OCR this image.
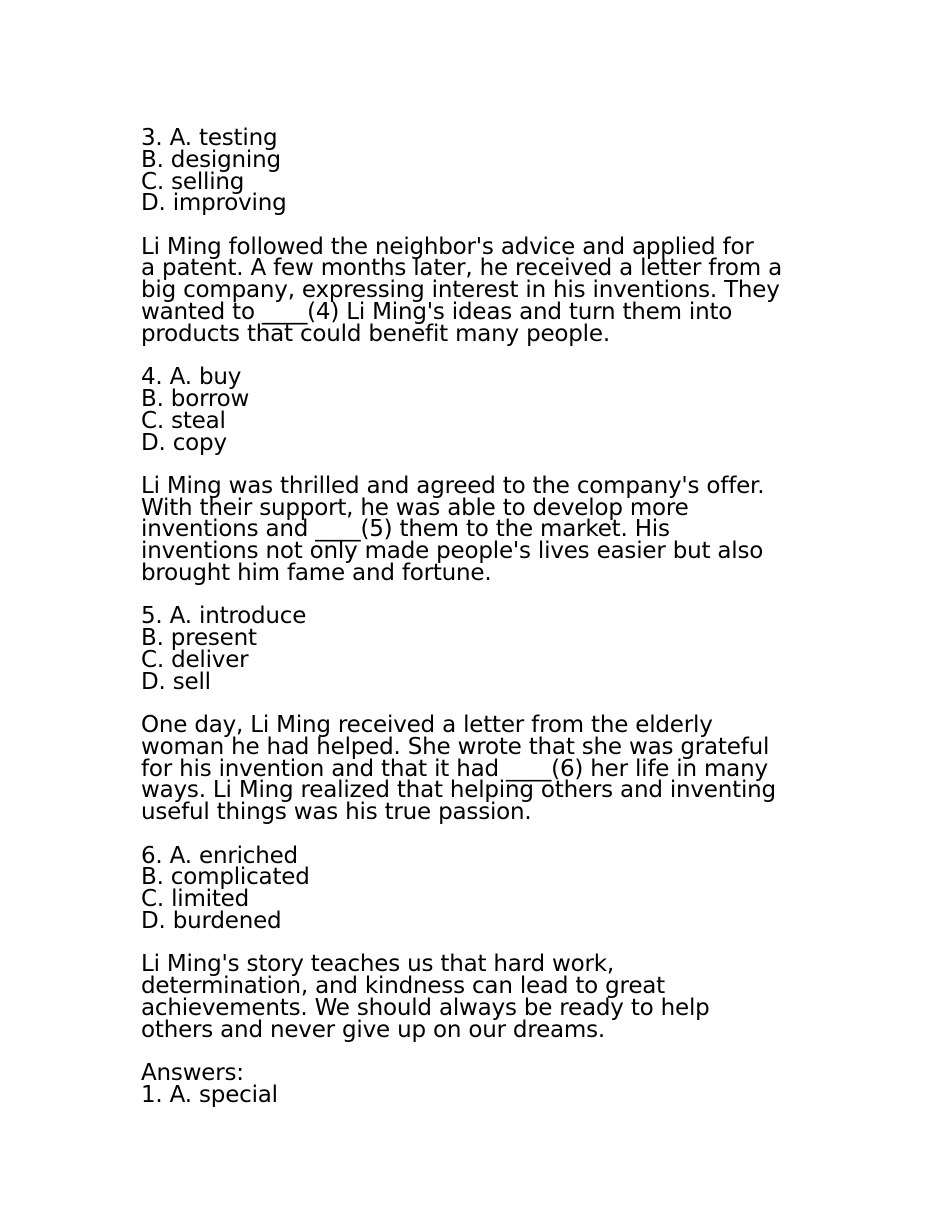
3. A. testing
B. designing
C. selling
D. improving
Li Ming followed the neighbor's advice and applied for
a patent. A few months later, he received a letter from a
big company, expressing interest in his inventions. They
wanted to ____(4) Li Ming's ideas and turn them into
products that could benefit many people.
4. A. buy
B. borrow
C. steal
D. copy
Li Ming was thrilled and agreed to the company's offer.
With their support, he was able to develop more
inventions and ____(5) them to the market. His
inventions not only made people's lives easier but also
brought him fame and fortune.
5. A. introduce
B. present
C. deliver
D. sell
One day, Li Ming received a letter from the elderly
woman he had helped. She wrote that she was grateful
for his invention and that it had ____(6) her life in many
ways. Li Ming realized that helping others and inventing
useful things was his true passion.
6. A. enriched
B. complicated
C. limited
D. burdened
Li Ming's story teaches us that hard work,
determination, and kindness can lead to great
achievements. We should always be ready to help
others and never give up on our dreams.
Answers:
1. A. special
